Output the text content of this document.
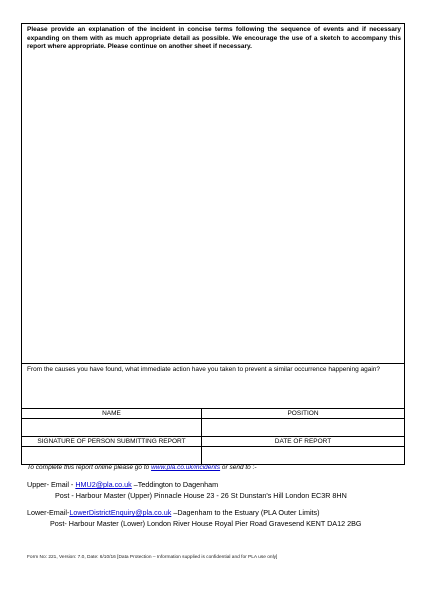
Please provide an explanation of the incident in concise terms following the sequence of events and if necessary expanding on them with as much appropriate detail as possible. We encourage the use of a sketch to accompany this report where appropriate. Please continue on another sheet if necessary.
From the causes you have found, what immediate action have you taken to prevent a similar occurrence happening again?
NAME	POSITION

SIGNATURE OF PERSON SUBMITTING REPORT	DATE OF REPORT

To complete this report online please go to www.pla.co.uk/incidents or send to :-
Upper- Email - HMU2@pla.co.uk –Teddington to Dagenham
Post - Harbour Master (Upper) Pinnacle House 23 - 26 St Dunstan's Hill London EC3R 8HN
Lower-Email-LowerDistrictEnquiry@pla.co.uk –Dagenham to the Estuary (PLA Outer Limits)
Post- Harbour Master (Lower) London River House Royal Pier Road Gravesend KENT DA12 2BG
Form No: 221, Version: 7.0, Date: 6/10/16 [Data Protection – Information supplied is confidential and for PLA use only]
